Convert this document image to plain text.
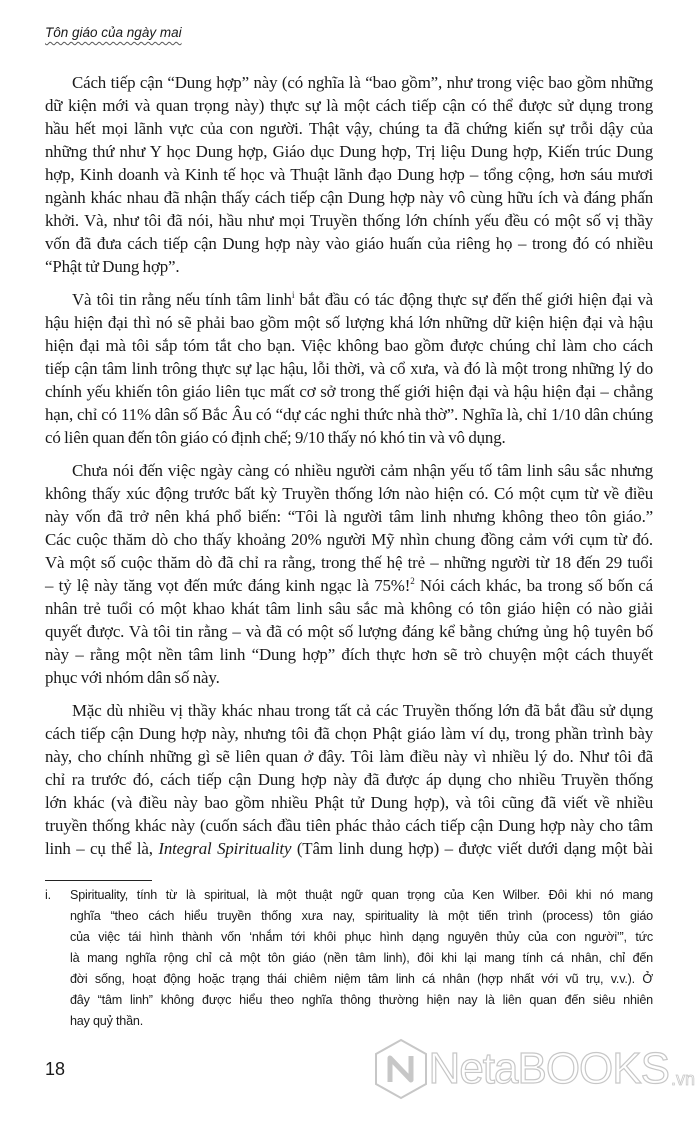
Tôn giáo của ngày mai
Cách tiếp cận “Dung hợp” này (có nghĩa là “bao gồm”, như trong việc bao gồm những
dữ kiện mới và quan trọng này) thực sự là một cách tiếp cận có thể được sử dụng trong
hầu hết mọi lãnh vực của con người. Thật vậy, chúng ta đã chứng kiến sự trỗi dậy của
những thứ như Y học Dung hợp, Giáo dục Dung hợp, Trị liệu Dung hợp, Kiến trúc Dung
hợp, Kinh doanh và Kinh tế học và Thuật lãnh đạo Dung hợp – tổng cộng, hơn sáu mươi
ngành khác nhau đã nhận thấy cách tiếp cận Dung hợp này vô cùng hữu ích và đáng phấn
khởi. Và, như tôi đã nói, hầu như mọi Truyền thống lớn chính yếu đều có một số vị thầy
vốn đã đưa cách tiếp cận Dung hợp này vào giáo huấn của riêng họ – trong đó có nhiều
“Phật tử Dung hợp”.
Và tôi tin rằng nếu tính tâm linh$^i$ bắt đầu có tác động thực sự đến thế giới hiện đại và
hậu hiện đại thì nó sẽ phải bao gồm một số lượng khá lớn những dữ kiện hiện đại và hậu
hiện đại mà tôi sắp tóm tắt cho bạn. Việc không bao gồm được chúng chỉ làm cho cách
tiếp cận tâm linh trông thực sự lạc hậu, lỗi thời, và cổ xưa, và đó là một trong những lý do
chính yếu khiến tôn giáo liên tục mất cơ sở trong thế giới hiện đại và hậu hiện đại – chẳng
hạn, chỉ có 11% dân số Bắc Âu có “dự các nghi thức nhà thờ”. Nghĩa là, chỉ 1/10 dân chúng
có liên quan đến tôn giáo có định chế; 9/10 thấy nó khó tin và vô dụng.
Chưa nói đến việc ngày càng có nhiều người cảm nhận yếu tố tâm linh sâu sắc nhưng
không thấy xúc động trước bất kỳ Truyền thống lớn nào hiện có. Có một cụm từ về điều
này vốn đã trở nên khá phổ biến: “Tôi là người tâm linh nhưng không theo tôn giáo.”
Các cuộc thăm dò cho thấy khoảng 20% người Mỹ nhìn chung đồng cảm với cụm từ đó.
Và một số cuộc thăm dò đã chỉ ra rằng, trong thế hệ trẻ – những người từ 18 đến 29 tuổi
– tỷ lệ này tăng vọt đến mức đáng kinh ngạc là 75%!$^2$ Nói cách khác, ba trong số bốn cá
nhân trẻ tuổi có một khao khát tâm linh sâu sắc mà không có tôn giáo hiện có nào giải
quyết được. Và tôi tin rằng – và đã có một số lượng đáng kể bằng chứng ủng hộ tuyên bố
này – rằng một nền tâm linh “Dung hợp” đích thực hơn sẽ trò chuyện một cách thuyết
phục với nhóm dân số này.
Mặc dù nhiều vị thầy khác nhau trong tất cả các Truyền thống lớn đã bắt đầu sử dụng
cách tiếp cận Dung hợp này, nhưng tôi đã chọn Phật giáo làm ví dụ, trong phần trình bày
này, cho chính những gì sẽ liên quan ở đây. Tôi làm điều này vì nhiều lý do. Như tôi đã
chỉ ra trước đó, cách tiếp cận Dung hợp này đã được áp dụng cho nhiều Truyền thống
lớn khác (và điều này bao gồm nhiều Phật tử Dung hợp), và tôi cũng đã viết về nhiều
truyền thống khác này (cuốn sách đầu tiên phác thảo cách tiếp cận Dung hợp này cho tâm
linh – cụ thể là, Integral Spirituality (Tâm linh dung hợp) – được viết dưới dạng một bài
i. Spirituality, tính từ là spiritual, là một thuật ngữ quan trọng của Ken Wilber. Đôi khi nó mang
nghĩa “theo cách hiểu truyền thống xưa nay, spirituality là một tiến trình (process) tôn giáo
của việc tái hình thành vốn ‘nhắm tới khôi phục hình dạng nguyên thủy của con người’”, tức
là mang nghĩa rộng chỉ cả một tôn giáo (nền tâm linh), đôi khi lại mang tính cá nhân, chỉ đến
đời sống, hoạt động hoặc trạng thái chiêm niệm tâm linh cá nhân (hợp nhất với vũ trụ, v.v.). Ở
đây “tâm linh” không được hiểu theo nghĩa thông thường hiện nay là liên quan đến siêu nhiên
hay quỷ thần.
18	NetaBOOKS .vn
